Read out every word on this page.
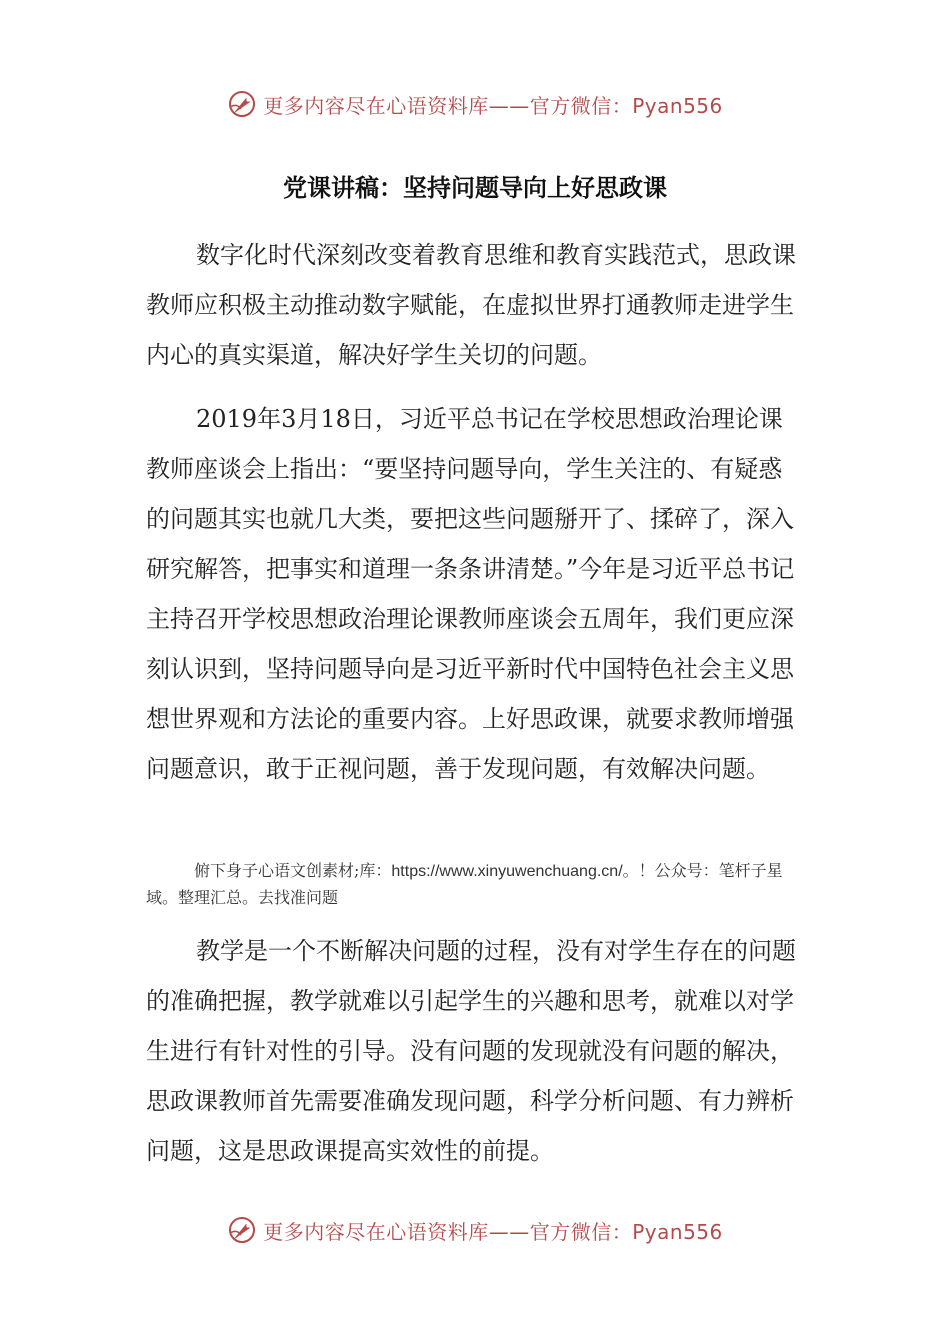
更多内容尽在心语资料库——官方微信：Pyan556
党课讲稿：坚持问题导向上好思政课

数字化时代深刻改变着教育思维和教育实践范式，思政课教师应积极主动推动数字赋能，在虚拟世界打通教师走进学生内心的真实渠道，解决好学生关切的问题。

2019年3月18日，习近平总书记在学校思想政治理论课教师座谈会上指出：“要坚持问题导向，学生关注的、有疑惑的问题其实也就几大类，要把这些问题掰开了、揉碎了，深入研究解答，把事实和道理一条条讲清楚。”今年是习近平总书记主持召开学校思想政治理论课教师座谈会五周年，我们更应深刻认识到，坚持问题导向是习近平新时代中国特色社会主义思想世界观和方法论的重要内容。上好思政课，就要求教师增强问题意识，敢于正视问题，善于发现问题，有效解决问题。

俯下身子心语文创素材;库：https://www.xinyuwenchuang.cn/。！公众号：笔杆子星域。整理汇总。去找准问题

教学是一个不断解决问题的过程，没有对学生存在的问题的准确把握，教学就难以引起学生的兴趣和思考，就难以对学生进行有针对性的引导。没有问题的发现就没有问题的解决，思政课教师首先需要准确发现问题，科学分析问题、有力辨析问题，这是思政课提高实效性的前提。

更多内容尽在心语资料库——官方微信：Pyan556
